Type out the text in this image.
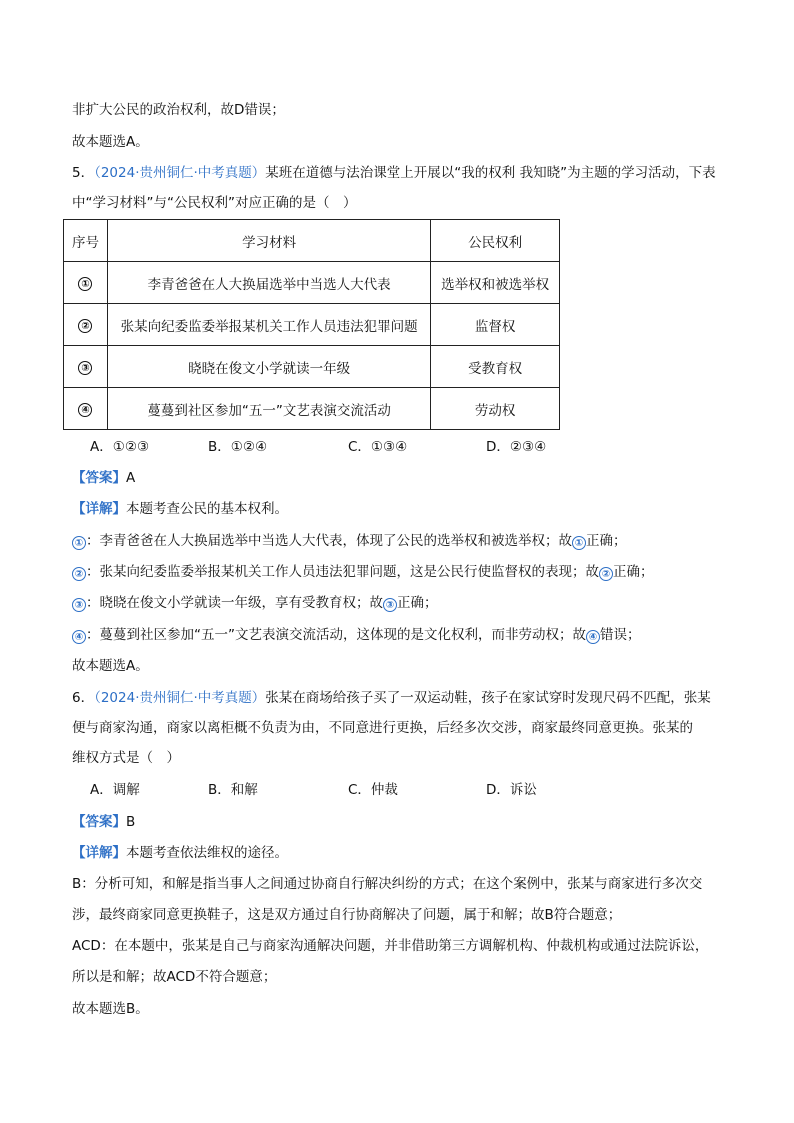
非扩大公民的政治权利，故D错误；
故本题选A。
5．（2024·贵州铜仁·中考真题）某班在道德与法治课堂上开展以“我的权利 我知晓”为主题的学习活动，下表
中“学习材料”与“公民权利”对应正确的是（　）
序号	学习材料	公民权利
①	李青爸爸在人大换届选举中当选人大代表	选举权和被选举权
②	张某向纪委监委举报某机关工作人员违法犯罪问题	监督权
③	晓晓在俊文小学就读一年级	受教育权
④	蔓蔓到社区参加“五一”文艺表演交流活动	劳动权
A．①②③	B．①②④	C．①③④	D．②③④
【答案】A
【详解】本题考查公民的基本权利。
① ：李青爸爸在人大换届选举中当选人大代表，体现了公民的选举权和被选举权；故 ① 正确；
② ：张某向纪委监委举报某机关工作人员违法犯罪问题，这是公民行使监督权的表现；故 ② 正确；
③ ：晓晓在俊文小学就读一年级，享有受教育权；故 ③ 正确；
④ ：蔓蔓到社区参加“五一”文艺表演交流活动，这体现的是文化权利，而非劳动权；故 ④ 错误；
故本题选A。
6．（2024·贵州铜仁·中考真题）张某在商场给孩子买了一双运动鞋，孩子在家试穿时发现尺码不匹配，张某
便与商家沟通，商家以离柜概不负责为由，不同意进行更换，后经多次交涉，商家最终同意更换。张某的
维权方式是（　）
A．调解	B．和解	C．仲裁	D．诉讼
【答案】B
【详解】本题考查依法维权的途径。
B：分析可知，和解是指当事人之间通过协商自行解决纠纷的方式；在这个案例中，张某与商家进行多次交
涉，最终商家同意更换鞋子，这是双方通过自行协商解决了问题，属于和解；故B符合题意；
ACD：在本题中，张某是自己与商家沟通解决问题，并非借助第三方调解机构、仲裁机构或通过法院诉讼，
所以是和解；故ACD不符合题意；
故本题选B。
